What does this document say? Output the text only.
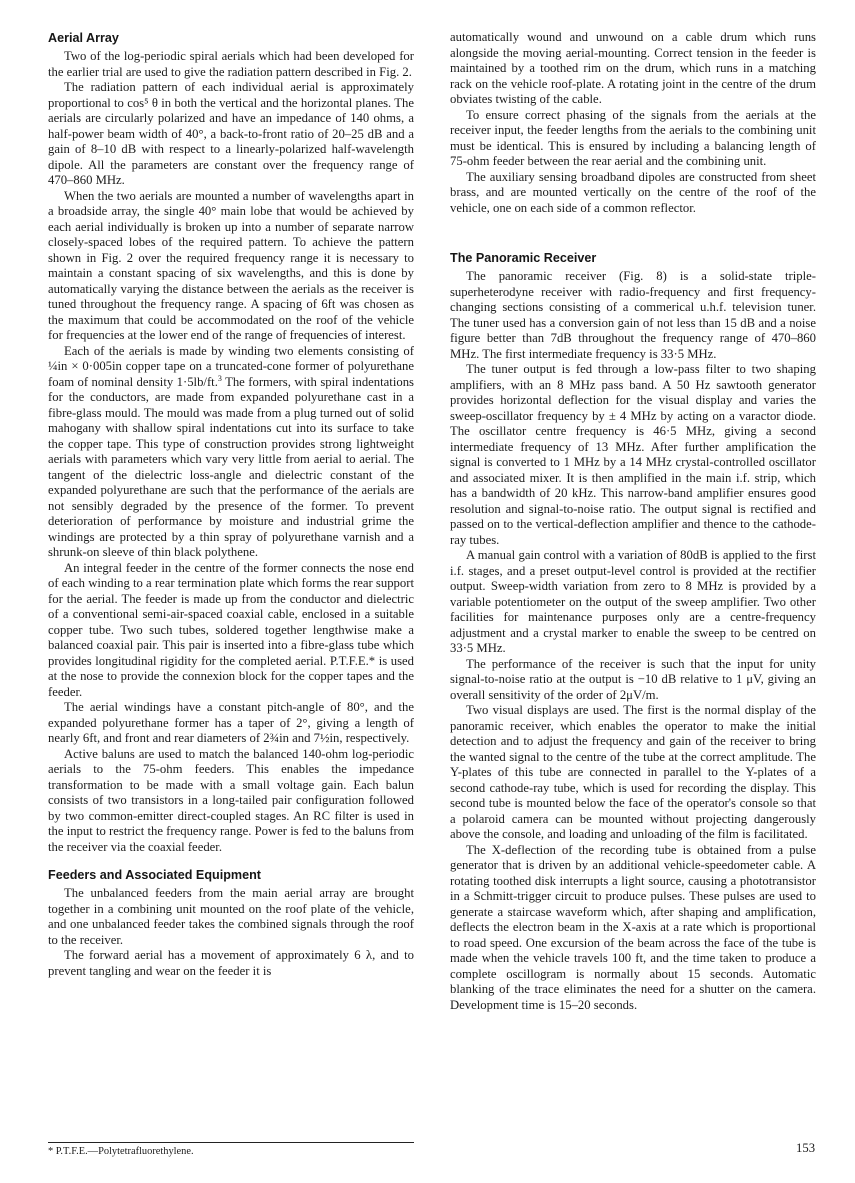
Aerial Array

Two of the log-periodic spiral aerials which had been developed for the earlier trial are used to give the radiation pattern described in Fig. 2.

The radiation pattern of each individual aerial is approximately proportional to cos⁵ θ in both the vertical and the horizontal planes. The aerials are circularly polarized and have an impedance of 140 ohms, a half-power beam width of 40°, a back-to-front ratio of 20–25 dB and a gain of 8–10 dB with respect to a linearly-polarized half-wavelength dipole. All the parameters are constant over the frequency range of 470–860 MHz.

When the two aerials are mounted a number of wavelengths apart in a broadside array, the single 40° main lobe that would be achieved by each aerial individually is broken up into a number of separate narrow closely-spaced lobes of the required pattern. To achieve the pattern shown in Fig. 2 over the required frequency range it is necessary to maintain a constant spacing of six wavelengths, and this is done by automatically varying the distance between the aerials as the receiver is tuned throughout the frequency range. A spacing of 6ft was chosen as the maximum that could be accommodated on the roof of the vehicle for frequencies at the lower end of the range of frequencies of interest.

Each of the aerials is made by winding two elements consisting of ¼in × 0·005in copper tape on a truncated-cone former of polyurethane foam of nominal density 1·5lb/ft.$^3$ The formers, with spiral indentations for the conductors, are made from expanded polyurethane cast in a fibre-glass mould. The mould was made from a plug turned out of solid mahogany with shallow spiral indentations cut into its surface to take the copper tape. This type of construction provides strong lightweight aerials with parameters which vary very little from aerial to aerial. The tangent of the dielectric loss-angle and dielectric constant of the expanded polyurethane are such that the performance of the aerials are not sensibly degraded by the presence of the former. To prevent deterioration of performance by moisture and industrial grime the windings are protected by a thin spray of polyurethane varnish and a shrunk-on sleeve of thin black polythene.

An integral feeder in the centre of the former connects the nose end of each winding to a rear termination plate which forms the rear support for the aerial. The feeder is made up from the conductor and dielectric of a conventional semi-air-spaced coaxial cable, enclosed in a suitable copper tube. Two such tubes, soldered together lengthwise make a balanced coaxial pair. This pair is inserted into a fibre-glass tube which provides longitudinal rigidity for the completed aerial. P.T.F.E.* is used at the nose to provide the connexion block for the copper tapes and the feeder.

The aerial windings have a constant pitch-angle of 80°, and the expanded polyurethane former has a taper of 2°, giving a length of nearly 6ft, and front and rear diameters of 2¾in and 7½in, respectively.

Active baluns are used to match the balanced 140-ohm log-periodic aerials to the 75-ohm feeders. This enables the impedance transformation to be made with a small voltage gain. Each balun consists of two transistors in a long-tailed pair configuration followed by two common-emitter direct-coupled stages. An RC filter is used in the input to restrict the frequency range. Power is fed to the baluns from the receiver via the coaxial feeder.

Feeders and Associated Equipment

The unbalanced feeders from the main aerial array are brought together in a combining unit mounted on the roof plate of the vehicle, and one unbalanced feeder takes the combined signals through the roof to the receiver.

The forward aerial has a movement of approximately 6 λ, and to prevent tangling and wear on the feeder it is

* P.T.F.E.—Polytetrafluorethylene.

automatically wound and unwound on a cable drum which runs alongside the moving aerial-mounting. Correct tension in the feeder is maintained by a toothed rim on the drum, which runs in a matching rack on the vehicle roof-plate. A rotating joint in the centre of the drum obviates twisting of the cable.

To ensure correct phasing of the signals from the aerials at the receiver input, the feeder lengths from the aerials to the combining unit must be identical. This is ensured by including a balancing length of 75-ohm feeder between the rear aerial and the combining unit.

The auxiliary sensing broadband dipoles are constructed from sheet brass, and are mounted vertically on the centre of the roof of the vehicle, one on each side of a common reflector.

The Panoramic Receiver

The panoramic receiver (Fig. 8) is a solid-state triple-superheterodyne receiver with radio-frequency and first frequency-changing sections consisting of a commerical u.h.f. television tuner. The tuner used has a conversion gain of not less than 15 dB and a noise figure better than 7dB throughout the frequency range of 470–860 MHz. The first intermediate frequency is 33·5 MHz.

The tuner output is fed through a low-pass filter to two shaping amplifiers, with an 8 MHz pass band. A 50 Hz sawtooth generator provides horizontal deflection for the visual display and varies the sweep-oscillator frequency by ± 4 MHz by acting on a varactor diode. The oscillator centre frequency is 46·5 MHz, giving a second intermediate frequency of 13 MHz. After further amplification the signal is converted to 1 MHz by a 14 MHz crystal-controlled oscillator and associated mixer. It is then amplified in the main i.f. strip, which has a bandwidth of 20 kHz. This narrow-band amplifier ensures good resolution and signal-to-noise ratio. The output signal is rectified and passed on to the vertical-deflection amplifier and thence to the cathode-ray tubes.

A manual gain control with a variation of 80dB is applied to the first i.f. stages, and a preset output-level control is provided at the rectifier output. Sweep-width variation from zero to 8 MHz is provided by a variable potentiometer on the output of the sweep amplifier. Two other facilities for maintenance purposes only are a centre-frequency adjustment and a crystal marker to enable the sweep to be centred on 33·5 MHz.

The performance of the receiver is such that the input for unity signal-to-noise ratio at the output is −10 dB relative to 1 μV, giving an overall sensitivity of the order of 2μV/m.

Two visual displays are used. The first is the normal display of the panoramic receiver, which enables the operator to make the initial detection and to adjust the frequency and gain of the receiver to bring the wanted signal to the centre of the tube at the correct amplitude. The Y-plates of this tube are connected in parallel to the Y-plates of a second cathode-ray tube, which is used for recording the display. This second tube is mounted below the face of the operator's console so that a polaroid camera can be mounted without projecting dangerously above the console, and loading and unloading of the film is facilitated.

The X-deflection of the recording tube is obtained from a pulse generator that is driven by an additional vehicle-speedometer cable. A rotating toothed disk interrupts a light source, causing a phototransistor in a Schmitt-trigger circuit to produce pulses. These pulses are used to generate a staircase waveform which, after shaping and amplification, deflects the electron beam in the X-axis at a rate which is proportional to road speed. One excursion of the beam across the face of the tube is made when the vehicle travels 100 ft, and the time taken to produce a complete oscillogram is normally about 15 seconds. Automatic blanking of the trace eliminates the need for a shutter on the camera. Development time is 15–20 seconds.

153
